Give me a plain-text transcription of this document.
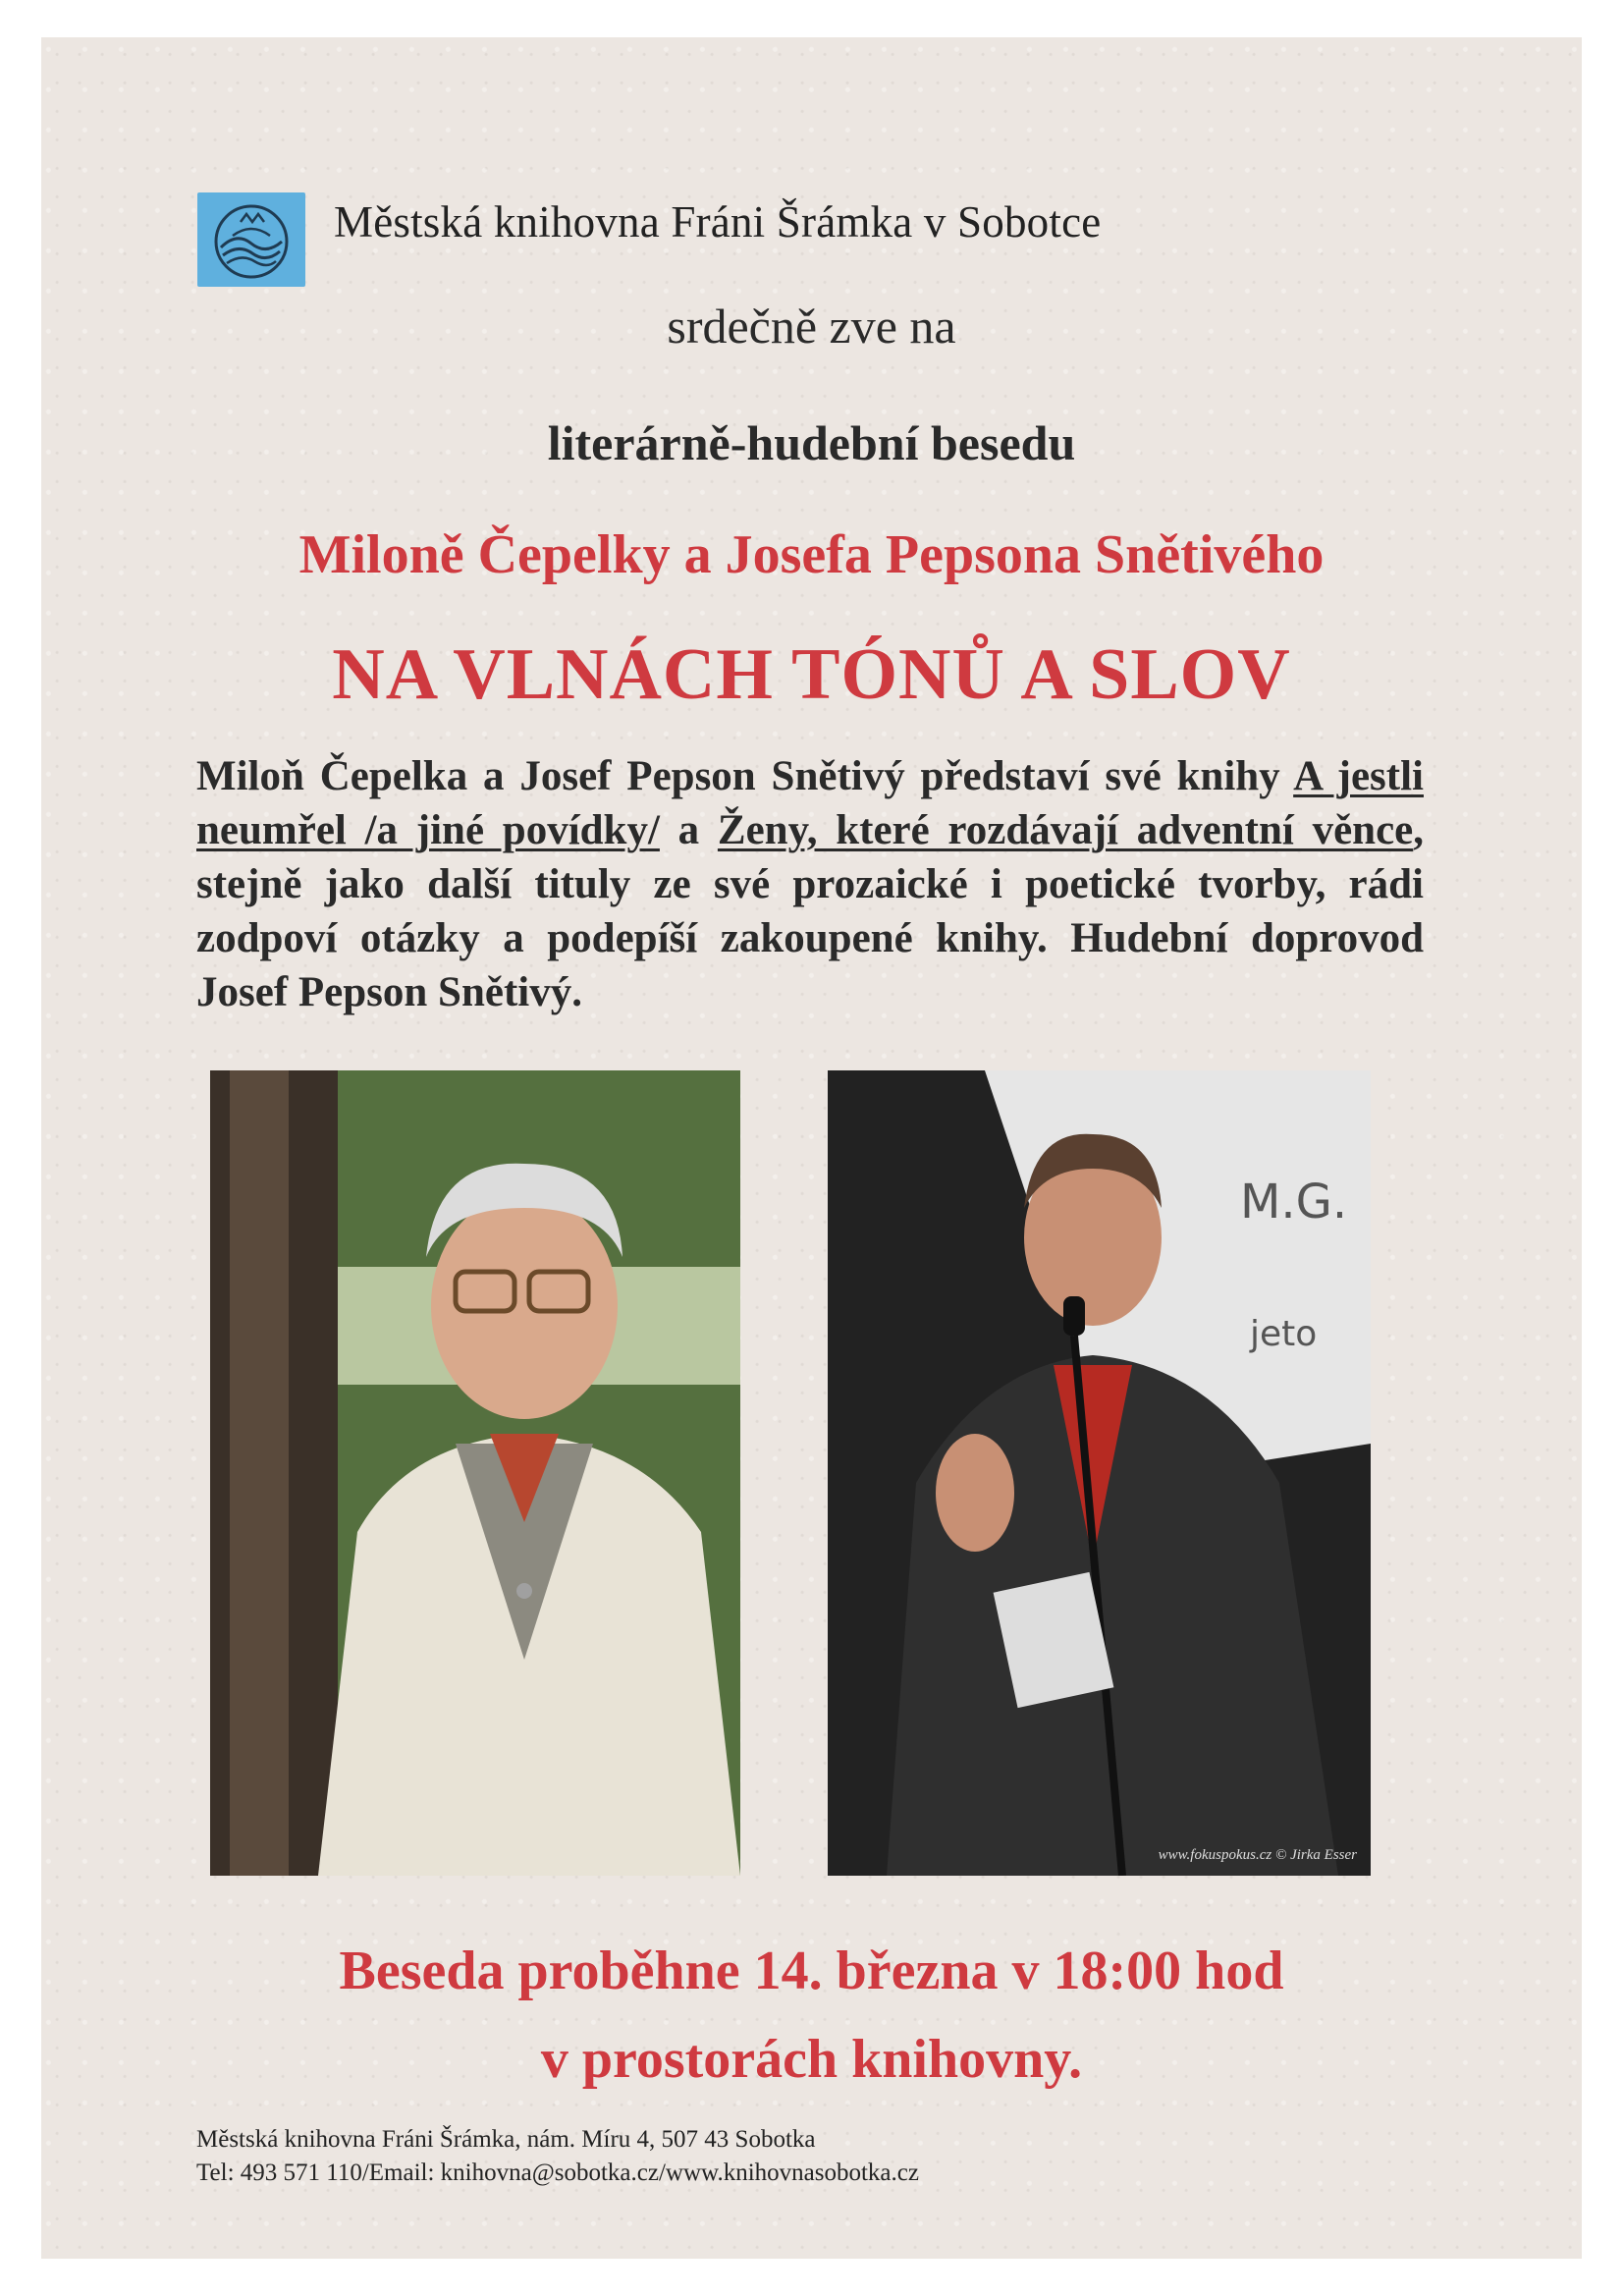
Městská knihovna Fráni Šrámka v Sobotce
srdečně zve na
literárně-hudební besedu
Miloně Čepelky a Josefa Pepsona Snětivého
NA VLNÁCH TÓNŮ A SLOV
Miloň Čepelka a Josef Pepson Snětivý představí své knihy A jestli neumřel /a jiné povídky/ a Ženy, které rozdávají adventní věnce, stejně jako další tituly ze své prozaické i poetické tvorby, rádi zodpoví otázky a podepíší zakoupené knihy. Hudební doprovod Josef Pepson Snětivý.
M.G.
jeto
www.fokuspokus.cz © Jirka Esser
Beseda proběhne 14. března v 18:00 hod
v prostorách knihovny.
Městská knihovna Fráni Šrámka, nám. Míru 4, 507 43 Sobotka
Tel: 493 571 110/Email: knihovna@sobotka.cz/www.knihovnasobotka.cz
